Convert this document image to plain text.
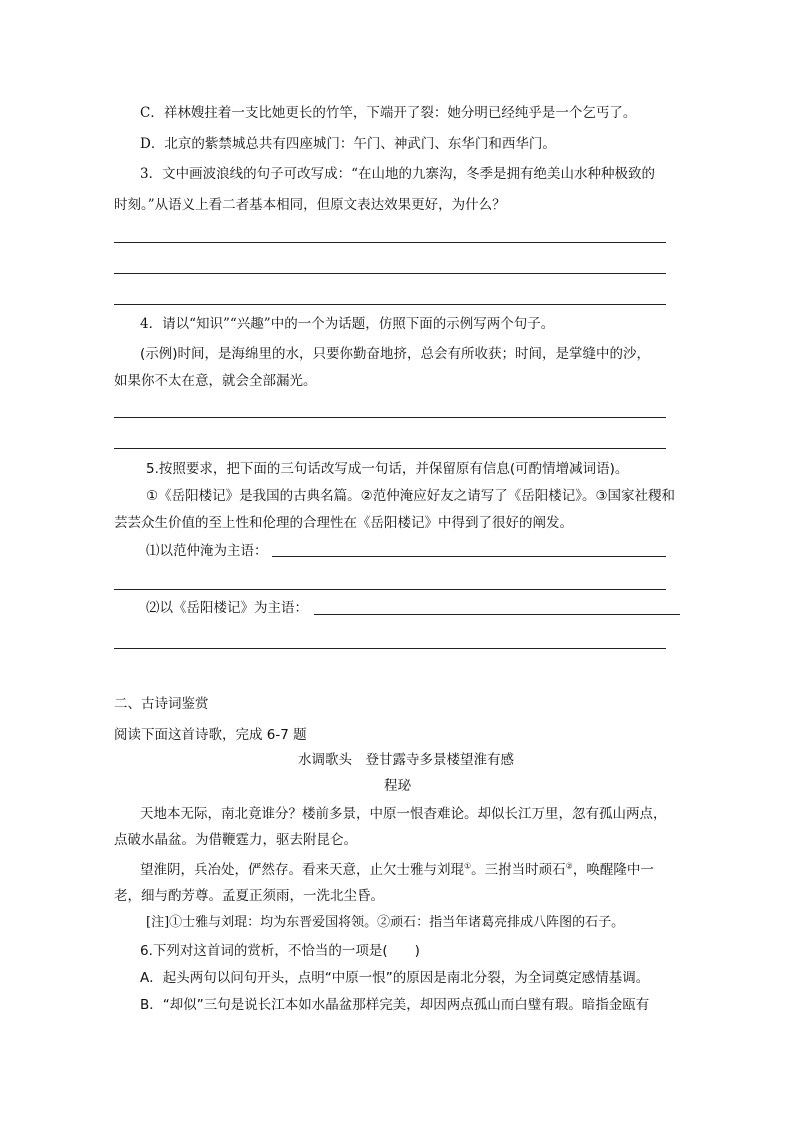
C．祥林嫂拄着一支比她更长的竹竿，下端开了裂：她分明已经纯乎是一个乞丐了。
D．北京的紫禁城总共有四座城门：午门、神武门、东华门和西华门。
3．文中画波浪线的句子可改写成：“在山地的九寨沟，冬季是拥有绝美山水种种极致的
时刻。”从语义上看二者基本相同，但原文表达效果更好，为什么？
4．请以“知识”“兴趣”中的一个为话题，仿照下面的示例写两个句子。
(示例)时间，是海绵里的水，只要你勤奋地挤，总会有所收获；时间，是掌缝中的沙，
如果你不太在意，就会全部漏光。
5.按照要求，把下面的三句话改写成一句话，并保留原有信息(可酌情增减词语)。
①《岳阳楼记》是我国的古典名篇。②范仲淹应好友之请写了《岳阳楼记》。③国家社稷和
芸芸众生价值的至上性和伦理的合理性在《岳阳楼记》中得到了很好的阐发。
⑴以范仲淹为主语：
⑵以《岳阳楼记》为主语：
二、古诗词鉴赏
阅读下面这首诗歌，完成 6-7 题
水调歌头　登甘露寺多景楼望淮有感
程珌
天地本无际，南北竟谁分？楼前多景，中原一恨杳难论。却似长江万里，忽有孤山两点，
点破水晶盆。为借鞭霆力，驱去附昆仑。
望淮阴，兵冶处，俨然存。看来天意，止欠士雅与刘琨①。三拊当时顽石②，唤醒隆中一
老，细与酌芳尊。孟夏正须雨，一洗北尘昏。
[注]①士雅与刘琨：均为东晋爱国将领。②顽石：指当年诸葛亮排成八阵图的石子。
6.下列对这首词的赏析，不恰当的一项是(　　)
A．起头两句以问句开头，点明“中原一恨”的原因是南北分裂，为全词奠定感情基调。
B．“却似”三句是说长江本如水晶盆那样完美，却因两点孤山而白璧有瑕。暗指金瓯有
